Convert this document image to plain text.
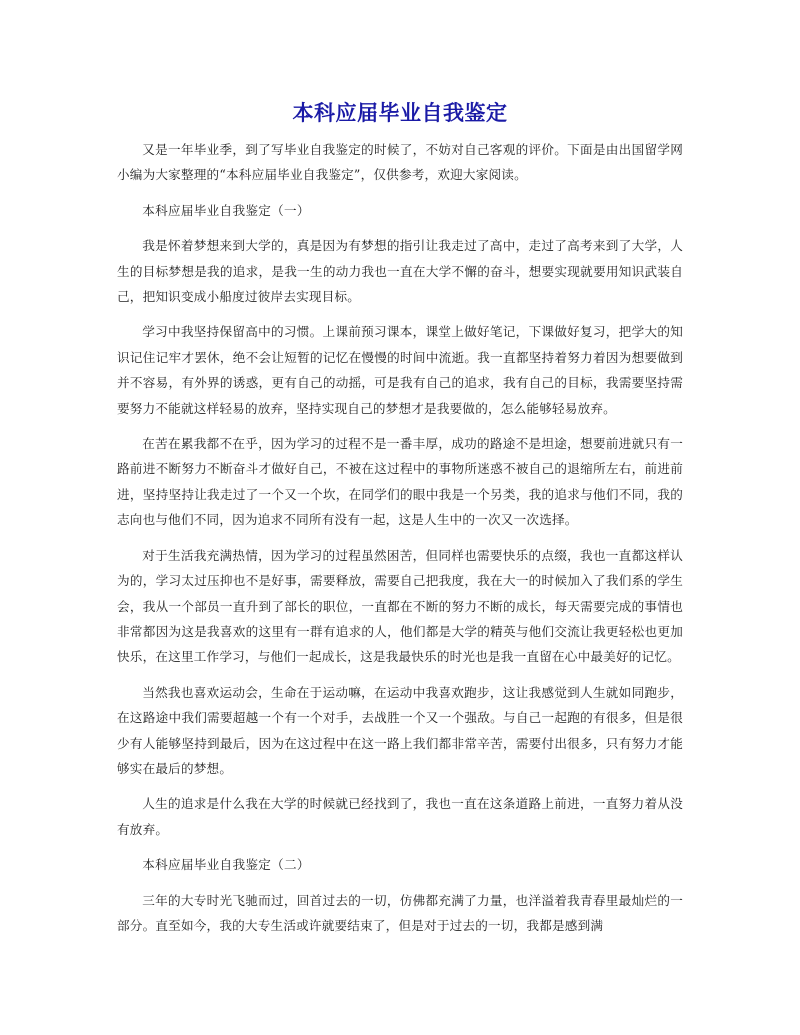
本科应届毕业自我鉴定

又是一年毕业季，到了写毕业自我鉴定的时候了，不妨对自己客观的评价。下面是由出国留学网小编为大家整理的“本科应届毕业自我鉴定”，仅供参考，欢迎大家阅读。

本科应届毕业自我鉴定（一）

我是怀着梦想来到大学的，真是因为有梦想的指引让我走过了高中，走过了高考来到了大学，人生的目标梦想是我的追求，是我一生的动力我也一直在大学不懈的奋斗，想要实现就要用知识武装自己，把知识变成小船度过彼岸去实现目标。

学习中我坚持保留高中的习惯。上课前预习课本，课堂上做好笔记，下课做好复习，把学大的知识记住记牢才罢休，绝不会让短暂的记忆在慢慢的时间中流逝。我一直都坚持着努力着因为想要做到并不容易，有外界的诱惑，更有自己的动摇，可是我有自己的追求，我有自己的目标，我需要坚持需要努力不能就这样轻易的放弃，坚持实现自己的梦想才是我要做的，怎么能够轻易放弃。

在苦在累我都不在乎，因为学习的过程不是一番丰厚，成功的路途不是坦途，想要前进就只有一路前进不断努力不断奋斗才做好自己，不被在这过程中的事物所迷惑不被自己的退缩所左右，前进前进，坚持坚持让我走过了一个又一个坎，在同学们的眼中我是一个另类，我的追求与他们不同，我的志向也与他们不同，因为追求不同所有没有一起，这是人生中的一次又一次选择。

对于生活我充满热情，因为学习的过程虽然困苦，但同样也需要快乐的点缀，我也一直都这样认为的，学习太过压抑也不是好事，需要释放，需要自己把我度，我在大一的时候加入了我们系的学生会，我从一个部员一直升到了部长的职位，一直都在不断的努力不断的成长，每天需要完成的事情也非常都因为这是我喜欢的这里有一群有追求的人，他们都是大学的精英与他们交流让我更轻松也更加快乐，在这里工作学习，与他们一起成长，这是我最快乐的时光也是我一直留在心中最美好的记忆。

当然我也喜欢运动会，生命在于运动嘛，在运动中我喜欢跑步，这让我感觉到人生就如同跑步，在这路途中我们需要超越一个有一个对手，去战胜一个又一个强敌。与自己一起跑的有很多，但是很少有人能够坚持到最后，因为在这过程中在这一路上我们都非常辛苦，需要付出很多，只有努力才能够实在最后的梦想。

人生的追求是什么我在大学的时候就已经找到了，我也一直在这条道路上前进，一直努力着从没有放弃。

本科应届毕业自我鉴定（二）

三年的大专时光飞驰而过，回首过去的一切，仿佛都充满了力量，也洋溢着我青春里最灿烂的一部分。直至如今，我的大专生活或许就要结束了，但是对于过去的一切，我都是感到满
